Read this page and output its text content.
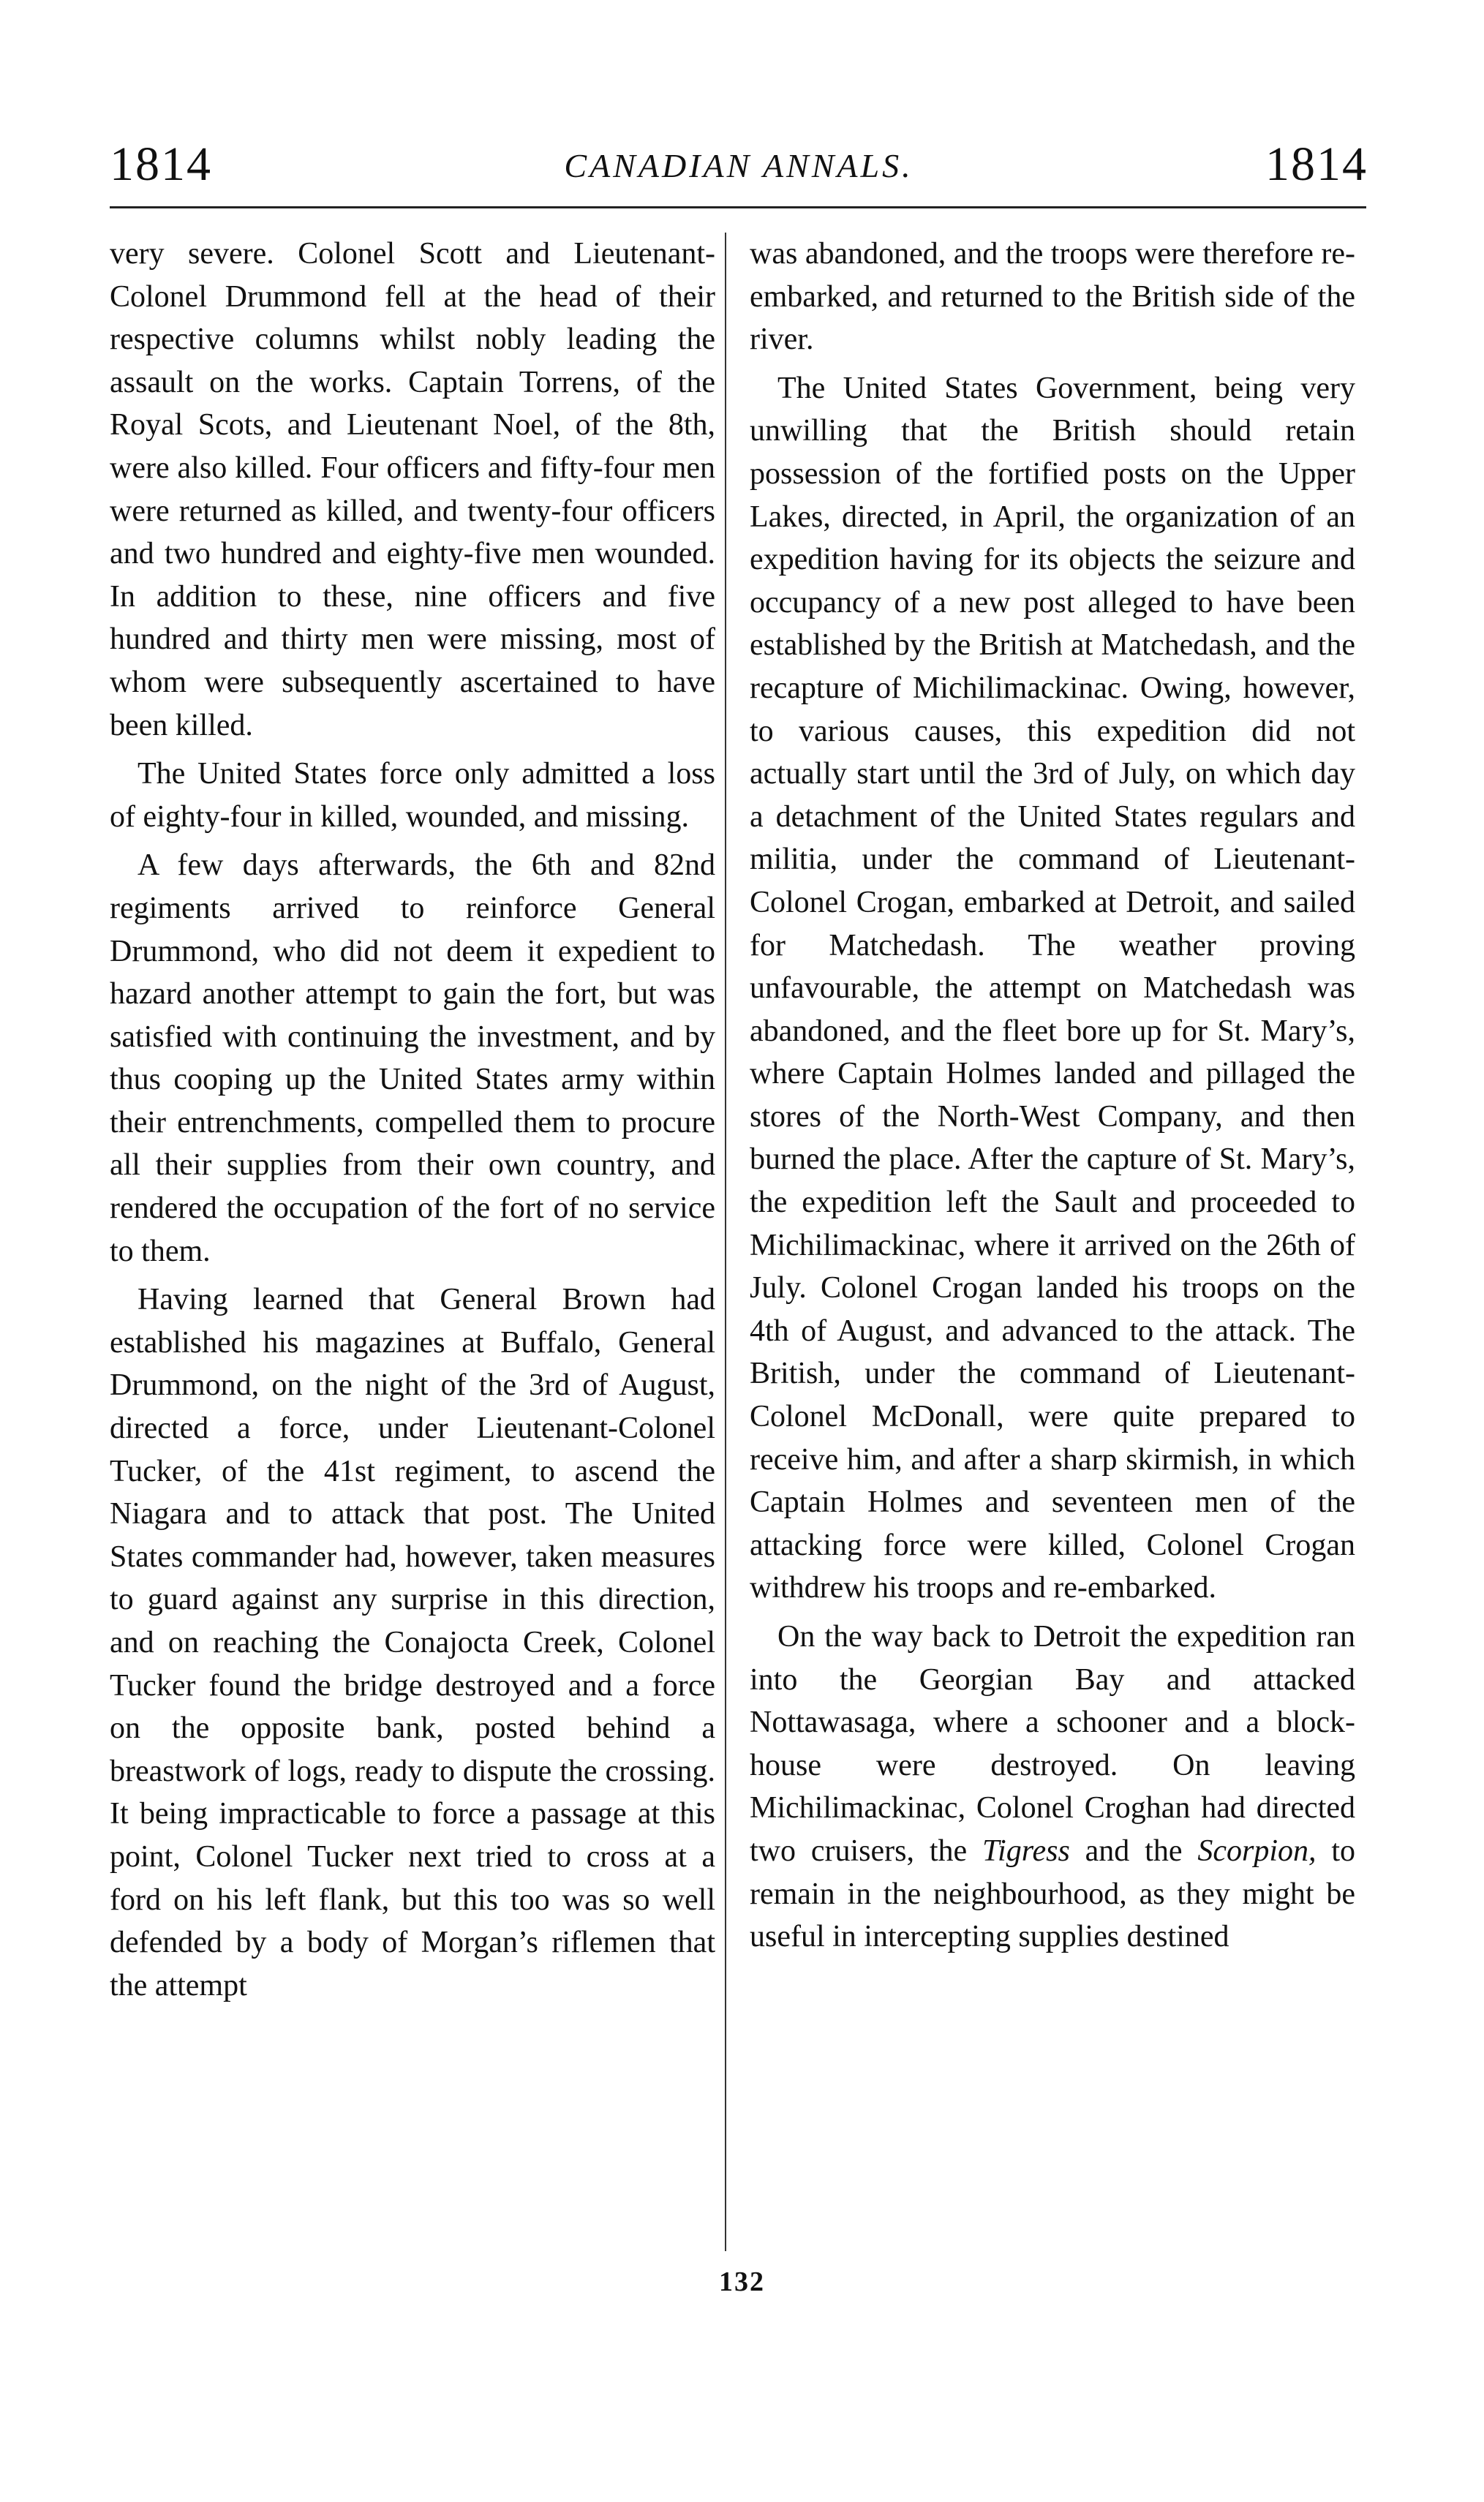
1814	CANADIAN ANNALS.	1814

very severe. Colonel Scott and Lieutenant-Colonel Drummond fell at the head of their respective columns whilst nobly leading the assault on the works. Captain Torrens, of the Royal Scots, and Lieutenant Noel, of the 8th, were also killed. Four officers and fifty-four men were returned as killed, and twenty-four officers and two hundred and eighty-five men wounded. In addition to these, nine officers and five hundred and thirty men were missing, most of whom were subsequently ascertained to have been killed.

The United States force only admitted a loss of eighty-four in killed, wounded, and missing.

A few days afterwards, the 6th and 82nd regiments arrived to reinforce General Drummond, who did not deem it expedient to hazard another attempt to gain the fort, but was satisfied with continuing the investment, and by thus cooping up the United States army within their entrenchments, compelled them to procure all their supplies from their own country, and rendered the occupation of the fort of no service to them.

Having learned that General Brown had established his magazines at Buffalo, General Drummond, on the night of the 3rd of August, directed a force, under Lieutenant-Colonel Tucker, of the 41st regiment, to ascend the Niagara and to attack that post. The United States commander had, however, taken measures to guard against any surprise in this direction, and on reaching the Conajocta Creek, Colonel Tucker found the bridge destroyed and a force on the opposite bank, posted behind a breastwork of logs, ready to dispute the crossing. It being impracticable to force a passage at this point, Colonel Tucker next tried to cross at a ford on his left flank, but this too was so well defended by a body of Morgan’s riflemen that the attempt

was abandoned, and the troops were therefore re-embarked, and returned to the British side of the river.

The United States Government, being very unwilling that the British should retain possession of the fortified posts on the Upper Lakes, directed, in April, the organization of an expedition having for its objects the seizure and occupancy of a new post alleged to have been established by the British at Matchedash, and the recapture of Michilimackinac. Owing, however, to various causes, this expedition did not actually start until the 3rd of July, on which day a detachment of the United States regulars and militia, under the command of Lieutenant-Colonel Crogan, embarked at Detroit, and sailed for Matchedash. The weather proving unfavourable, the attempt on Matchedash was abandoned, and the fleet bore up for St. Mary’s, where Captain Holmes landed and pillaged the stores of the North-West Company, and then burned the place. After the capture of St. Mary’s, the expedition left the Sault and proceeded to Michilimackinac, where it arrived on the 26th of July. Colonel Crogan landed his troops on the 4th of August, and advanced to the attack. The British, under the command of Lieutenant-Colonel McDonall, were quite prepared to receive him, and after a sharp skirmish, in which Captain Holmes and seventeen men of the attacking force were killed, Colonel Crogan withdrew his troops and re-embarked.

On the way back to Detroit the expedition ran into the Georgian Bay and attacked Nottawasaga, where a schooner and a block-house were destroyed. On leaving Michilimackinac, Colonel Croghan had directed two cruisers, the Tigress and the Scorpion, to remain in the neighbourhood, as they might be useful in intercepting supplies destined

132
